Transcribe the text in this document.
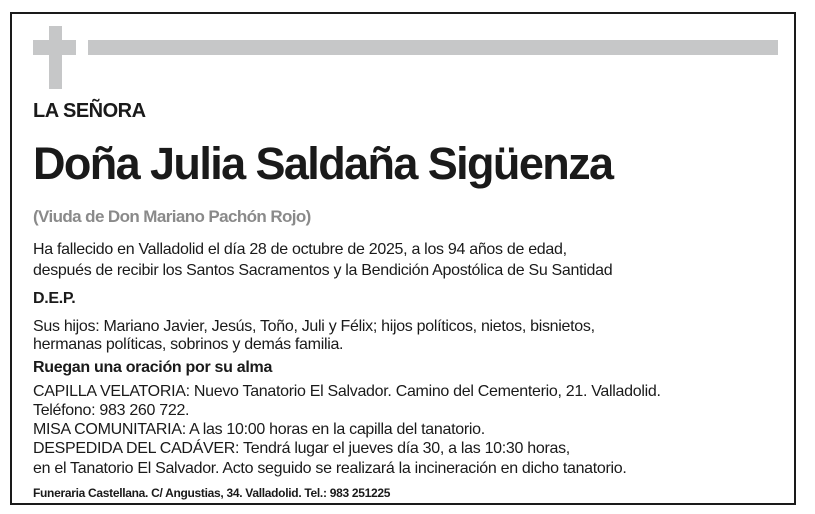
LA SEÑORA
Doña Julia Saldaña Sigüenza
(Viuda de Don Mariano Pachón Rojo)
Ha fallecido en Valladolid el día 28 de octubre de 2025, a los 94 años de edad,
después de recibir los Santos Sacramentos y la Bendición Apostólica de Su Santidad
D.E.P.
Sus hijos: Mariano Javier, Jesús, Toño, Juli y Félix; hijos políticos, nietos, bisnietos,
hermanas políticas, sobrinos y demás familia.
Ruegan una oración por su alma
CAPILLA VELATORIA: Nuevo Tanatorio El Salvador. Camino del Cementerio, 21. Valladolid.
Teléfono: 983 260 722.
MISA COMUNITARIA: A las 10:00 horas en la capilla del tanatorio.
DESPEDIDA DEL CADÁVER: Tendrá lugar el jueves día 30, a las 10:30 horas,
en el Tanatorio El Salvador. Acto seguido se realizará la incineración en dicho tanatorio.
Funeraria Castellana. C/ Angustias, 34. Valladolid. Tel.: 983 251225
